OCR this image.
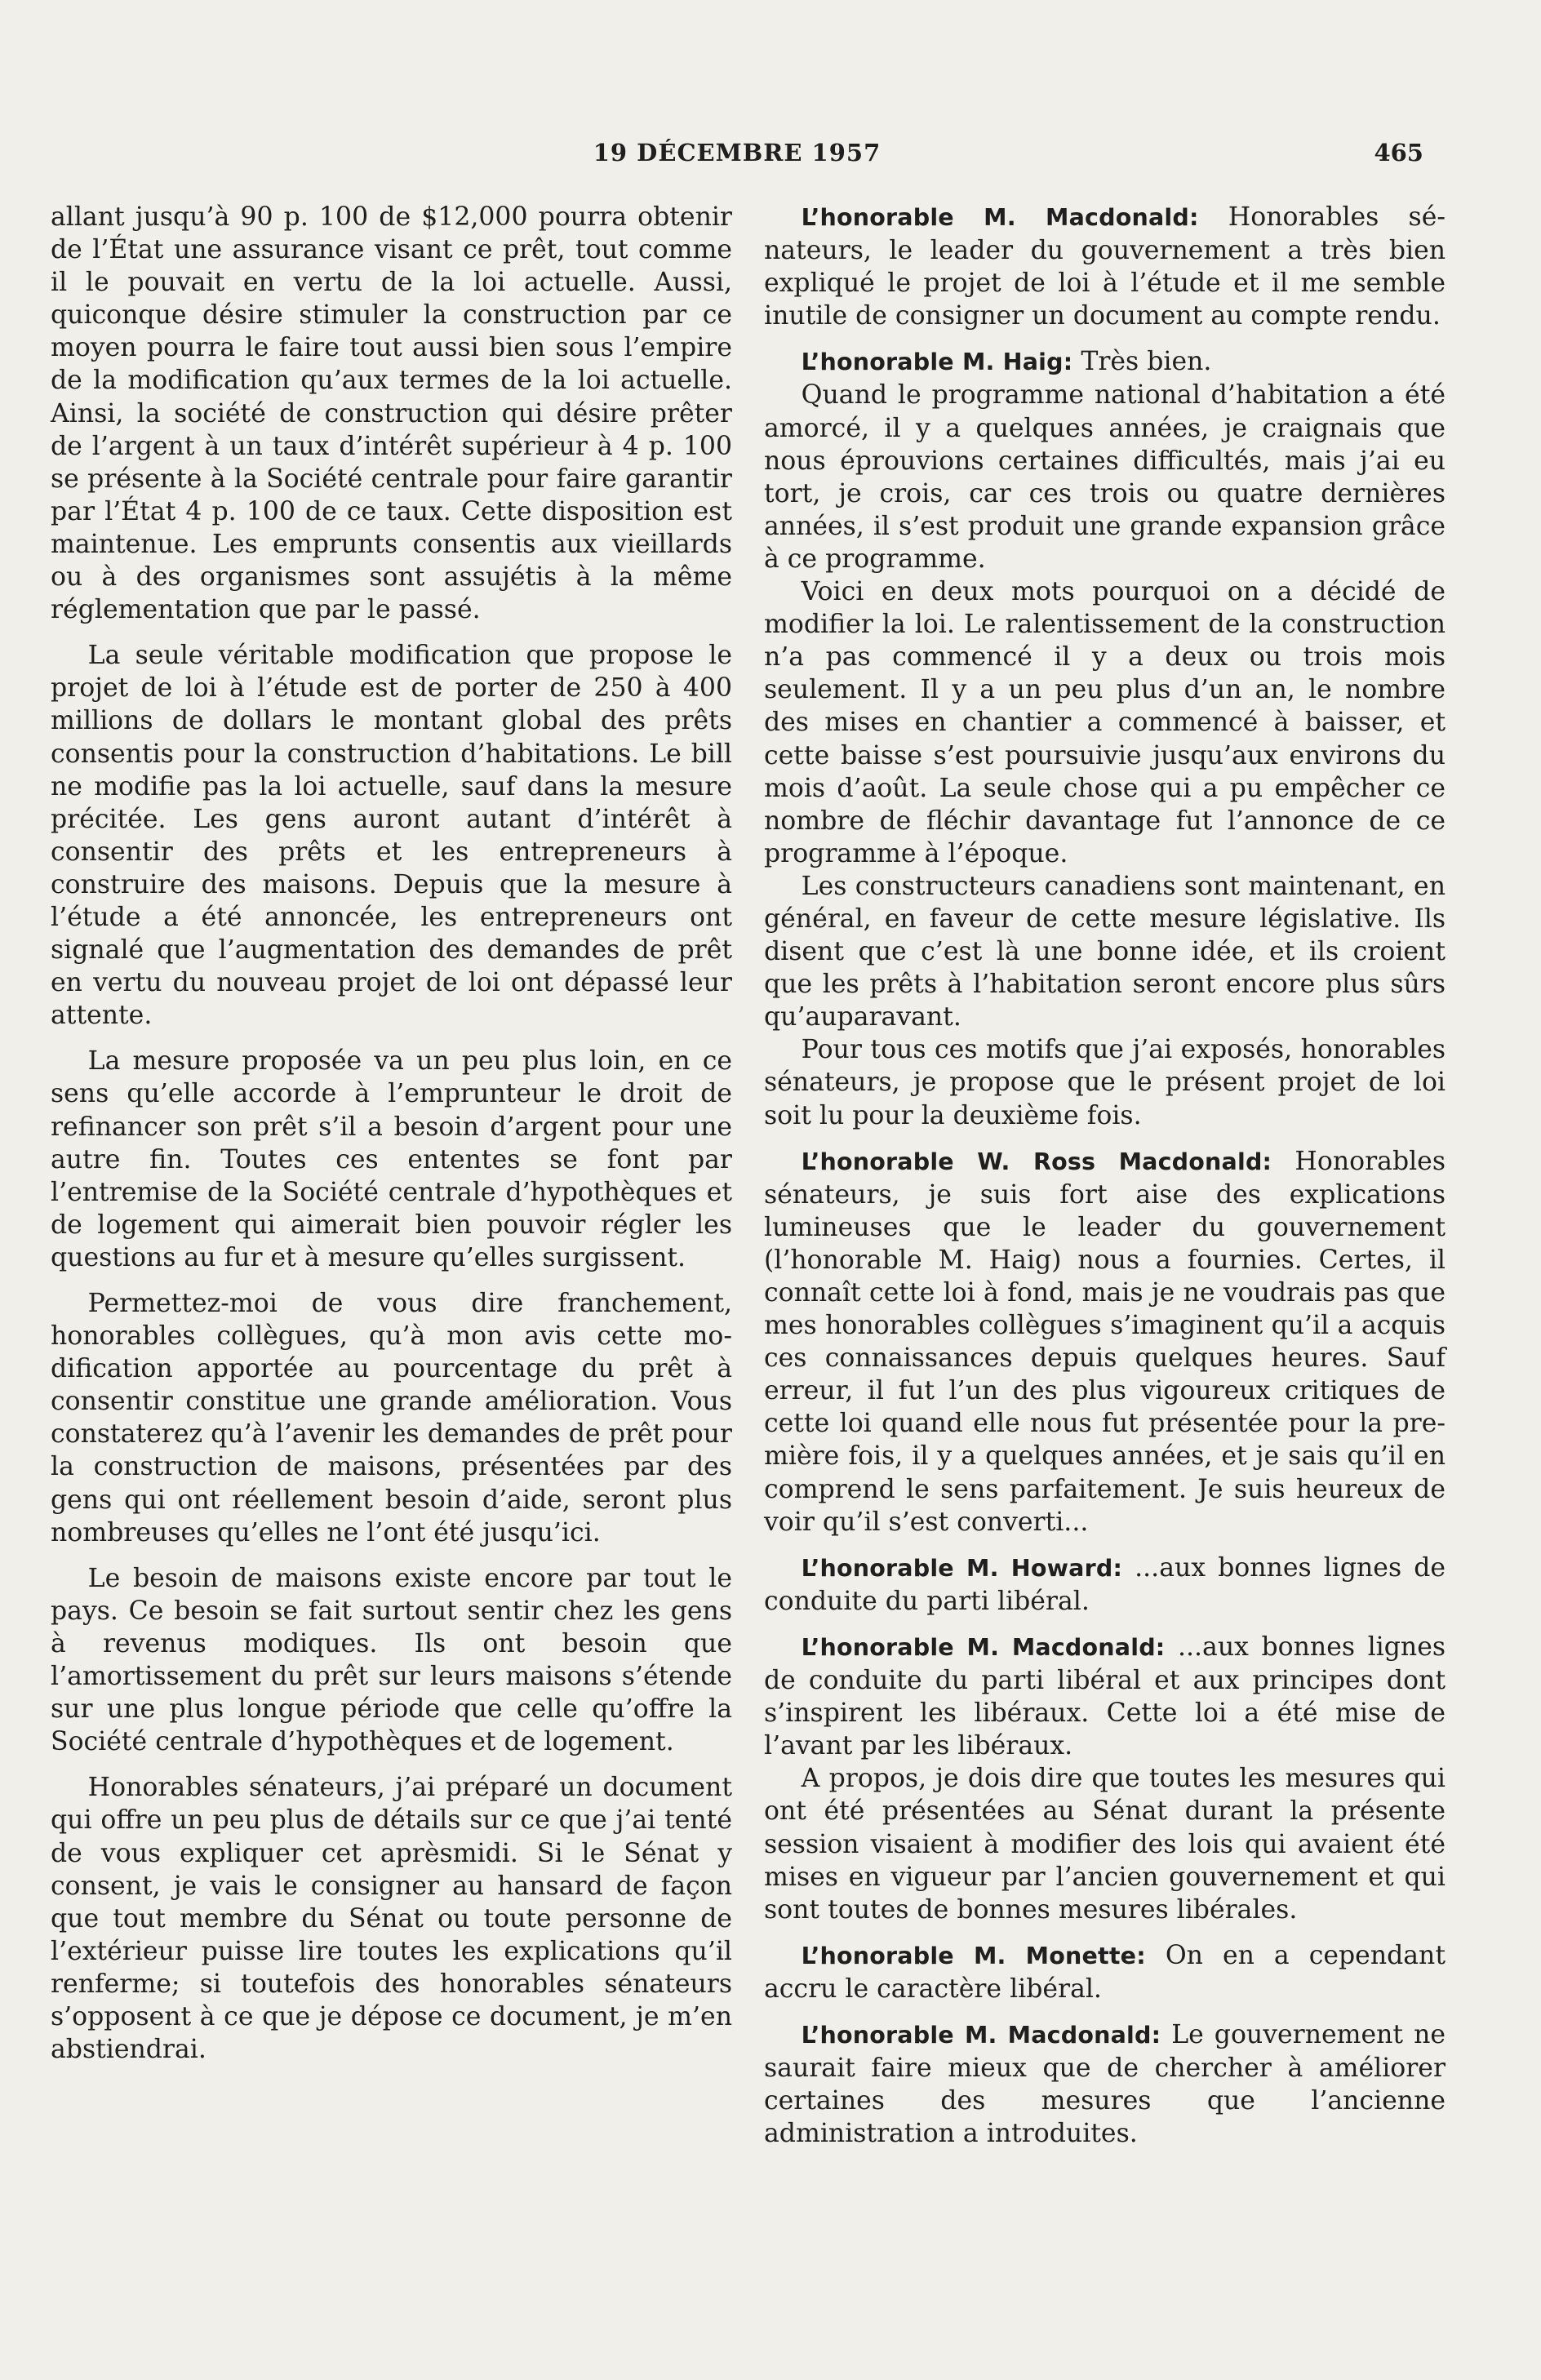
19 DÉCEMBRE 1957	465

allant jusqu’à 90 p. 100 de $12,000 pourra obtenir de l’État une assurance visant ce prêt, tout comme il le pouvait en vertu de la loi actuelle. Aussi, quiconque désire stimuler la construction par ce moyen pourra le faire tout aussi bien sous l’empire de la modification qu’aux termes de la loi actuelle. Ainsi, la société de construction qui désire prêter de l’argent à un taux d’intérêt supérieur à 4 p. 100 se présente à la Société centrale pour faire garantir par l’État 4 p. 100 de ce taux. Cette disposition est maintenue. Les emprunts consentis aux vieillards ou à des organismes sont assujétis à la même réglementation que par le passé.

La seule véritable modification que propose le projet de loi à l’étude est de porter de 250 à 400 millions de dollars le montant global des prêts consentis pour la construction d’habitations. Le bill ne modifie pas la loi actuelle, sauf dans la mesure précitée. Les gens auront autant d’intérêt à consentir des prêts et les entrepreneurs à construire des maisons. Depuis que la mesure à l’étude a été annoncée, les entrepreneurs ont signalé que l’augmentation des demandes de prêt en vertu du nouveau projet de loi ont dépassé leur attente.

La mesure proposée va un peu plus loin, en ce sens qu’elle accorde à l’emprunteur le droit de refinancer son prêt s’il a besoin d’argent pour une autre fin. Toutes ces ententes se font par l’entremise de la Société centrale d’hypothèques et de logement qui aimerait bien pouvoir régler les questions au fur et à mesure qu’elles surgissent.

Permettez-moi de vous dire franchement, honorables collègues, qu’à mon avis cette modification apportée au pourcentage du prêt à consentir constitue une grande amélioration. Vous constaterez qu’à l’avenir les demandes de prêt pour la construction de maisons, présentées par des gens qui ont réellement besoin d’aide, seront plus nombreuses qu’elles ne l’ont été jusqu’ici.

Le besoin de maisons existe encore par tout le pays. Ce besoin se fait surtout sentir chez les gens à revenus modiques. Ils ont besoin que l’amortissement du prêt sur leurs maisons s’étende sur une plus longue période que celle qu’offre la Société centrale d’hypothèques et de logement.

Honorables sénateurs, j’ai préparé un document qui offre un peu plus de détails sur ce que j’ai tenté de vous expliquer cet aprèsmidi. Si le Sénat y consent, je vais le consigner au hansard de façon que tout membre du Sénat ou toute personne de l’extérieur puisse lire toutes les explications qu’il renferme; si toutefois des honorables sénateurs s’opposent à ce que je dépose ce document, je m’en abstiendrai.

L’honorable M. Macdonald: Honorables sénateurs, le leader du gouvernement a très bien expliqué le projet de loi à l’étude et il me semble inutile de consigner un document au compte rendu.

L’honorable M. Haig: Très bien.

Quand le programme national d’habitation a été amorcé, il y a quelques années, je craignais que nous éprouvions certaines difficultés, mais j’ai eu tort, je crois, car ces trois ou quatre dernières années, il s’est produit une grande expansion grâce à ce programme.

Voici en deux mots pourquoi on a décidé de modifier la loi. Le ralentissement de la construction n’a pas commencé il y a deux ou trois mois seulement. Il y a un peu plus d’un an, le nombre des mises en chantier a commencé à baisser, et cette baisse s’est poursuivie jusqu’aux environs du mois d’août. La seule chose qui a pu empêcher ce nombre de fléchir davantage fut l’annonce de ce programme à l’époque.

Les constructeurs canadiens sont maintenant, en général, en faveur de cette mesure législative. Ils disent que c’est là une bonne idée, et ils croient que les prêts à l’habitation seront encore plus sûrs qu’auparavant.

Pour tous ces motifs que j’ai exposés, honorables sénateurs, je propose que le présent projet de loi soit lu pour la deuxième fois.

L’honorable W. Ross Macdonald: Honorables sénateurs, je suis fort aise des explications lumineuses que le leader du gouvernement (l’honorable M. Haig) nous a fournies. Certes, il connaît cette loi à fond, mais je ne voudrais pas que mes honorables collègues s’imaginent qu’il a acquis ces connaissances depuis quelques heures. Sauf erreur, il fut l’un des plus vigoureux critiques de cette loi quand elle nous fut présentée pour la première fois, il y a quelques années, et je sais qu’il en comprend le sens parfaitement. Je suis heureux de voir qu’il s’est converti...

L’honorable M. Howard: ...aux bonnes lignes de conduite du parti libéral.

L’honorable M. Macdonald: ...aux bonnes lignes de conduite du parti libéral et aux principes dont s’inspirent les libéraux. Cette loi a été mise de l’avant par les libéraux.

A propos, je dois dire que toutes les mesures qui ont été présentées au Sénat durant la présente session visaient à modifier des lois qui avaient été mises en vigueur par l’ancien gouvernement et qui sont toutes de bonnes mesures libérales.

L’honorable M. Monette: On en a cependant accru le caractère libéral.

L’honorable M. Macdonald: Le gouvernement ne saurait faire mieux que de chercher à améliorer certaines des mesures que l’ancienne administration a introduites.
